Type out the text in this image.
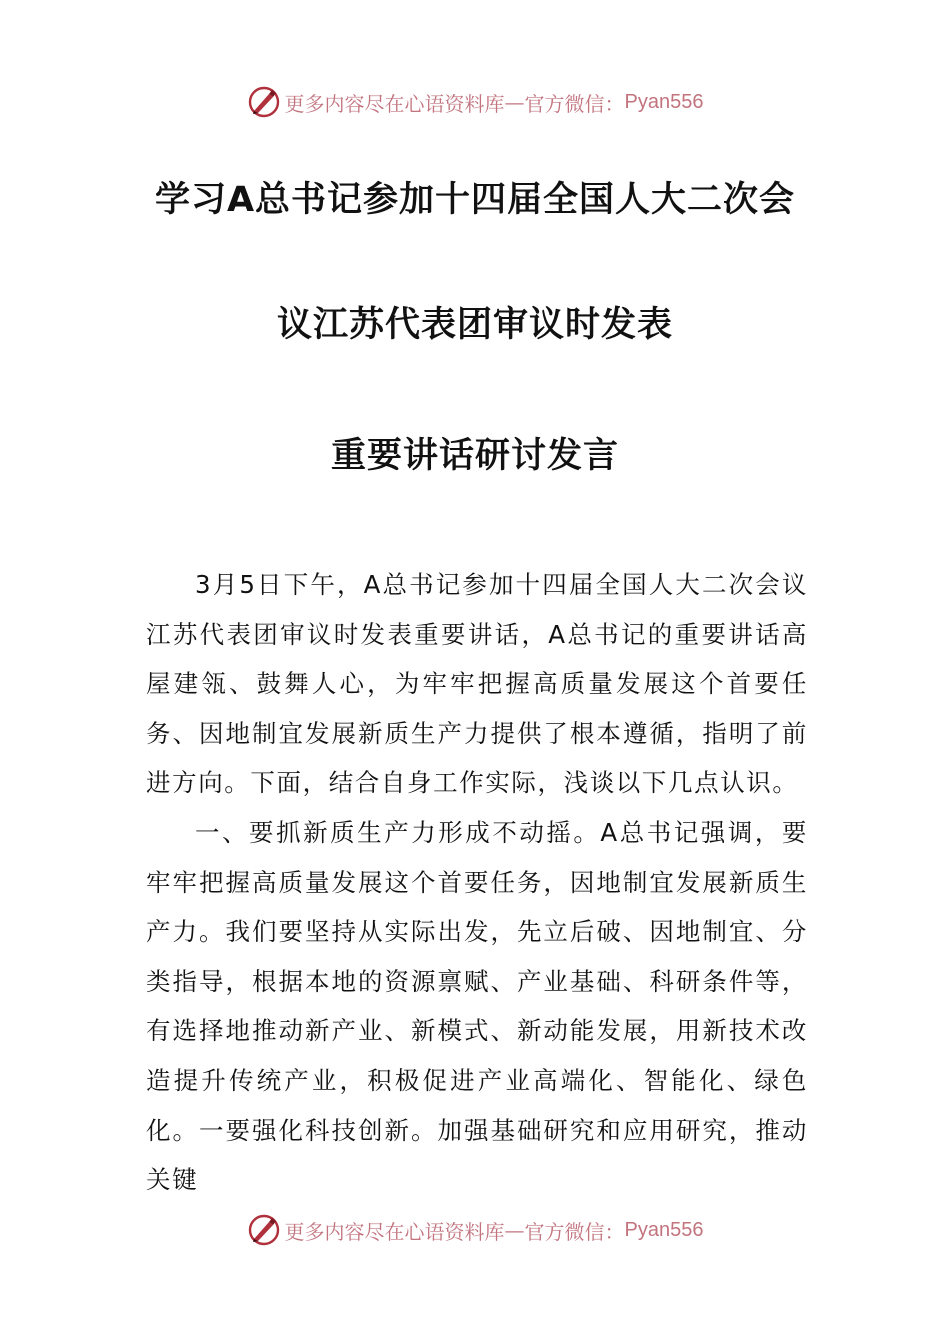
更多内容尽在心语资料库 — 官方微信： Pyan556
学习A总书记参加十四届全国人大二次会
议江苏代表团审议时发表
重要讲话研讨发言

3月5日下午，A总书记参加十四届全国人大二次会议江苏代表团审议时发表重要讲话，A总书记的重要讲话高屋建瓴、鼓舞人心，为牢牢把握高质量发展这个首要任务、因地制宜发展新质生产力提供了根本遵循，指明了前进方向。下面，结合自身工作实际，浅谈以下几点认识。

一、要抓新质生产力形成不动摇。A总书记强调，要牢牢把握高质量发展这个首要任务，因地制宜发展新质生产力。我们要坚持从实际出发，先立后破、因地制宜、分类指导，根据本地的资源禀赋、产业基础、科研条件等，有选择地推动新产业、新模式、新动能发展，用新技术改造提升传统产业，积极促进产业高端化、智能化、绿色化。一要强化科技创新。加强基础研究和应用研究，推动关键

更多内容尽在心语资料库 — 官方微信： Pyan556
